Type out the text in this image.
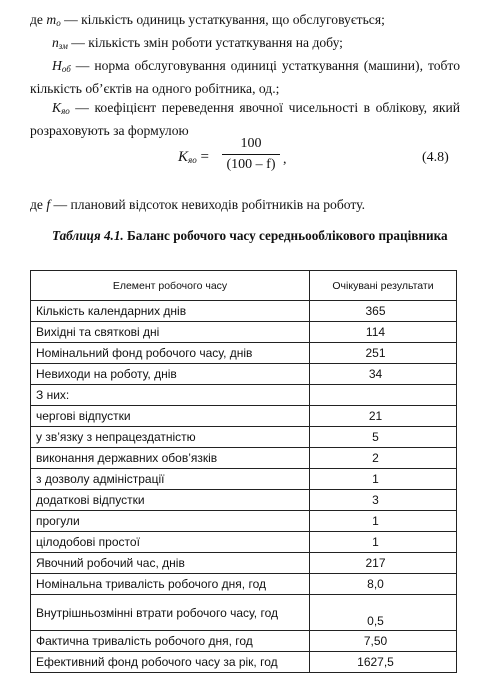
де $m_о$ — кількість одиниць устаткування, що обслуговується;

$n_{зм}$ — кількість змін роботи устаткування на добу;

$H_{об}$ — норма обслуговування одиниці устаткування (машини), тобто кількість об’єктів на одного робітника, од.;

$K_{яо}$ — коефіцієнт переведення явочної чисельності в облікову, який розраховують за формулою

$K_{яо}$ =
100
(100 – f) ,	(4.8)

де f — плановий відсоток невиходів робітників на роботу.

Таблиця 4.1. Баланс робочого часу середньооблікового працівника
Елемент робочого часу	Очікувані результати
Кількість календарних днів	365
Вихідні та святкові дні	114
Номінальний фонд робочого часу, днів	251
Невиходи на роботу, днів	34
З них:	
чергові відпустки	21
у зв’язку з непрацездатністю	5
виконання державних обов’язків	2
з дозволу адміністрації	1
додаткові відпустки	3
прогули	1
цілодобові простої	1
Явочний робочий час, днів	217
Номінальна тривалість робочого дня, год	8,0
Внутрішньозмінні втрати робочого часу, год	0,5
Фактична тривалість робочого дня, год	7,50
Ефективний фонд робочого часу за рік, год	1627,5
